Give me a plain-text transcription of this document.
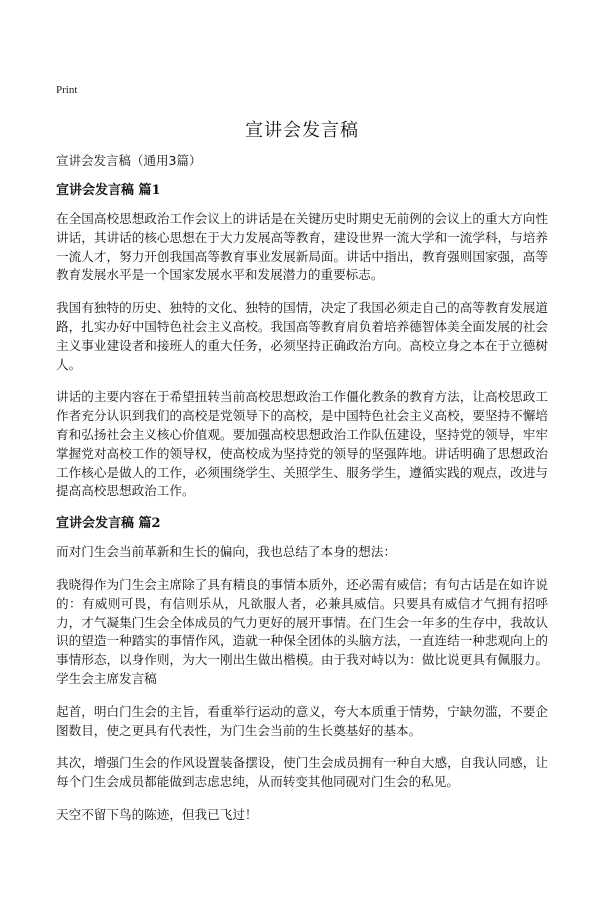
Print
宣讲会发言稿

宣讲会发言稿（通用3篇）

宣讲会发言稿 篇1

在全国高校思想政治工作会议上的讲话是在关键历史时期史无前例的会议上的重大方向性讲话，其讲话的核心思想在于大力发展高等教育，建设世界一流大学和一流学科，与培养一流人才，努力开创我国高等教育事业发展新局面。讲话中指出，教育强则国家强，高等教育发展水平是一个国家发展水平和发展潜力的重要标志。

我国有独特的历史、独特的文化、独特的国情，决定了我国必须走自己的高等教育发展道路，扎实办好中国特色社会主义高校。我国高等教育肩负着培养德智体美全面发展的社会主义事业建设者和接班人的重大任务，必须坚持正确政治方向。高校立身之本在于立德树人。

讲话的主要内容在于希望扭转当前高校思想政治工作僵化教条的教育方法，让高校思政工作者充分认识到我们的高校是党领导下的高校，是中国特色社会主义高校，要坚持不懈培育和弘扬社会主义核心价值观。要加强高校思想政治工作队伍建设，坚持党的领导，牢牢掌握党对高校工作的领导权，使高校成为坚持党的领导的坚强阵地。讲话明确了思想政治工作核心是做人的工作，必须围绕学生、关照学生、服务学生，遵循实践的观点，改进与提高高校思想政治工作。

宣讲会发言稿 篇2

而对门生会当前革新和生长的偏向，我也总结了本身的想法：

我晓得作为门生会主席除了具有精良的事情本质外，还必需有威信；有句古话是在如许说的：有威则可畏，有信则乐从，凡欲服人者，必兼具威信。只要具有威信才气拥有招呼力，才气凝集门生会全体成员的气力更好的展开事情。在门生会一年多的生存中，我故认识的望造一种踏实的事情作风，造就一种保全团体的头脑方法，一直连结一种悲观向上的事情形态，以身作则，为大一刚出生做出楷模。由于我对峙以为：做比说更具有佩服力。学生会主席发言稿

起首，明白门生会的主旨，看重举行运动的意义，夸大本质重于情势，宁缺勿滥，不要企图数目，使之更具有代表性，为门生会当前的生长奠基好的基本。

其次，增强门生会的作风设置装备摆设，使门生会成员拥有一种自大感，自我认同感，让每个门生会成员都能做到志虑忠纯，从而转变其他同砚对门生会的私见。

天空不留下鸟的陈迹，但我已飞过！
